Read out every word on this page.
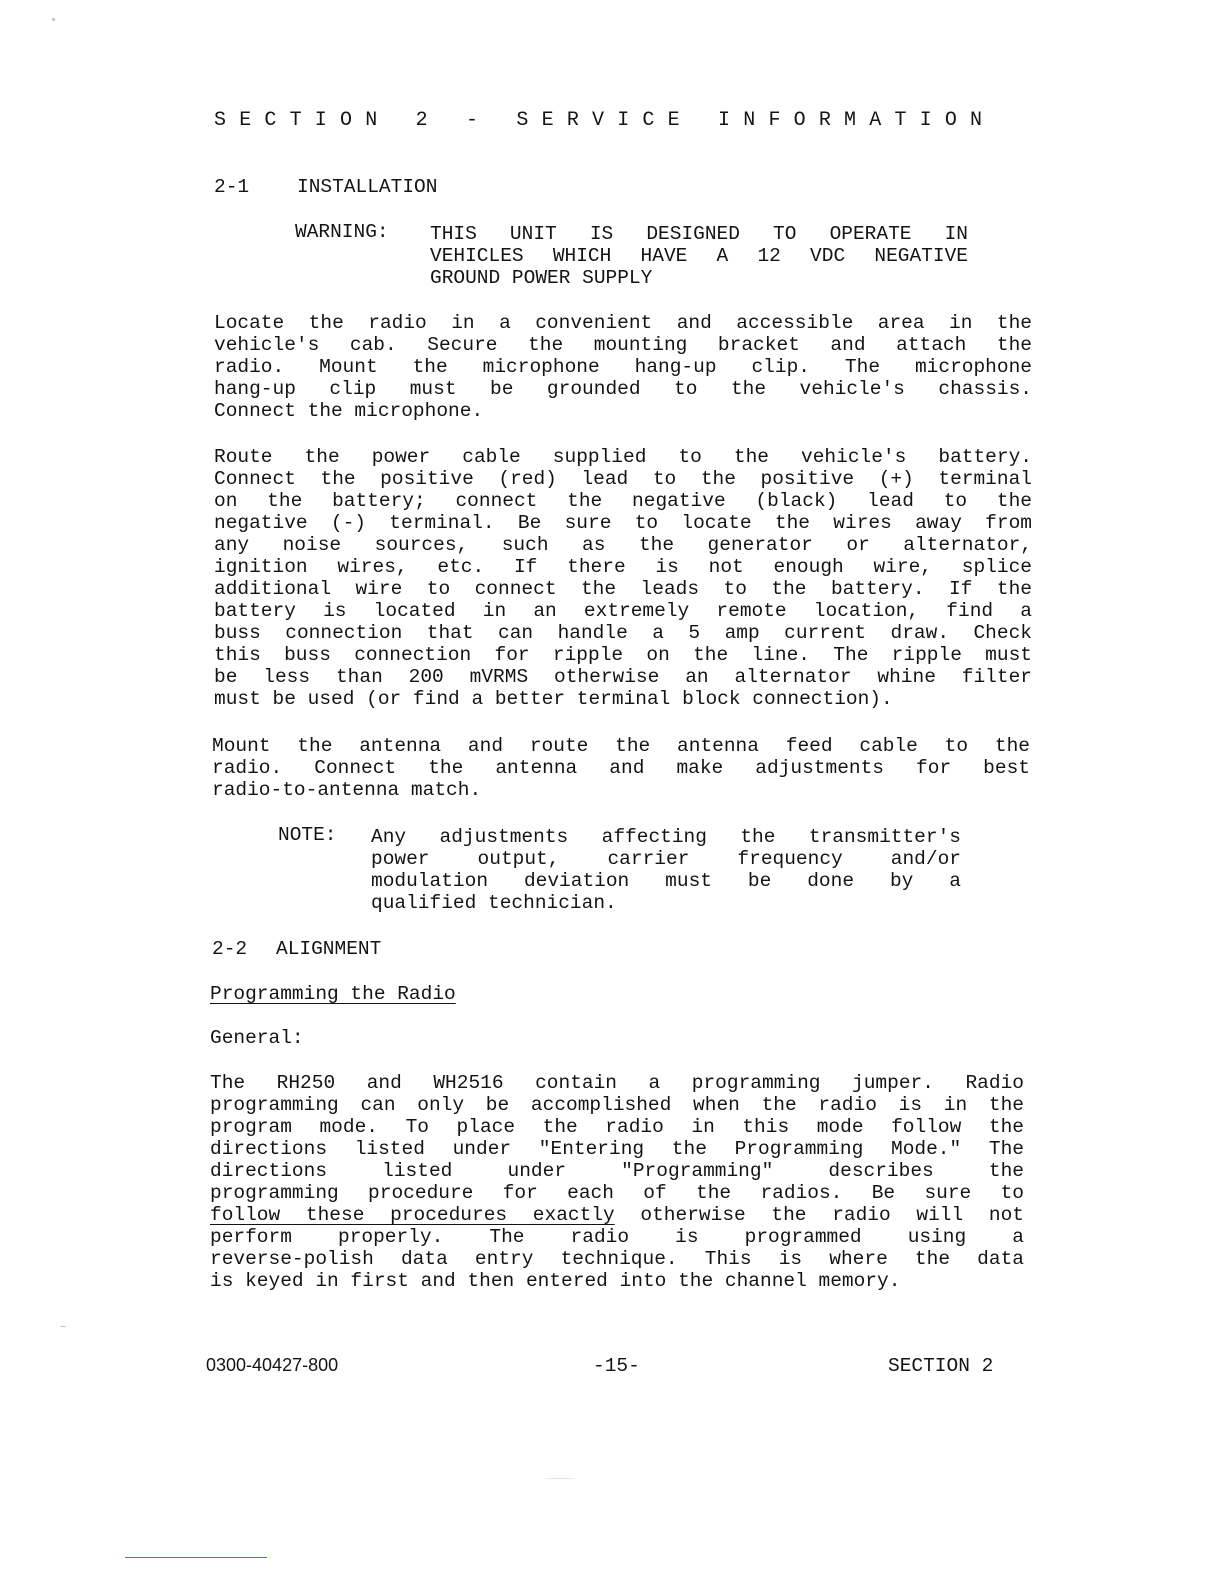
SECTION 2 - SERVICE INFORMATION
2-1 INSTALLATION
WARNING: THIS UNIT IS DESIGNED TO OPERATE IN
VEHICLES WHICH HAVE A 12 VDC NEGATIVE
GROUND POWER SUPPLY
Locate the radio in a convenient and accessible area in the
vehicle's cab. Secure the mounting bracket and attach the
radio. Mount the microphone hang-up clip. The microphone
hang-up clip must be grounded to the vehicle's chassis.
Connect the microphone.
Route the power cable supplied to the vehicle's battery.
Connect the positive (red) lead to the positive (+) terminal
on the battery; connect the negative (black) lead to the
negative (-) terminal. Be sure to locate the wires away from
any noise sources, such as the generator or alternator,
ignition wires, etc. If there is not enough wire, splice
additional wire to connect the leads to the battery. If the
battery is located in an extremely remote location, find a
buss connection that can handle a 5 amp current draw. Check
this buss connection for ripple on the line. The ripple must
be less than 200 mVRMS otherwise an alternator whine filter
must be used (or find a better terminal block connection).
Mount the antenna and route the antenna feed cable to the
radio. Connect the antenna and make adjustments for best
radio-to-antenna match.
NOTE: Any adjustments affecting the transmitter's
power output, carrier frequency and/or
modulation deviation must be done by a
qualified technician.
2-2 ALIGNMENT
Programming the Radio
General:
The RH250 and WH2516 contain a programming jumper. Radio
programming can only be accomplished when the radio is in the
program mode. To place the radio in this mode follow the
directions listed under "Entering the Programming Mode." The
directions listed under "Programming" describes the
programming procedure for each of the radios. Be sure to
follow these procedures exactly otherwise the radio will not
perform properly. The radio is programmed using a
reverse-polish data entry technique. This is where the data
is keyed in first and then entered into the channel memory.
0300-40427-800	-15-	SECTION 2
